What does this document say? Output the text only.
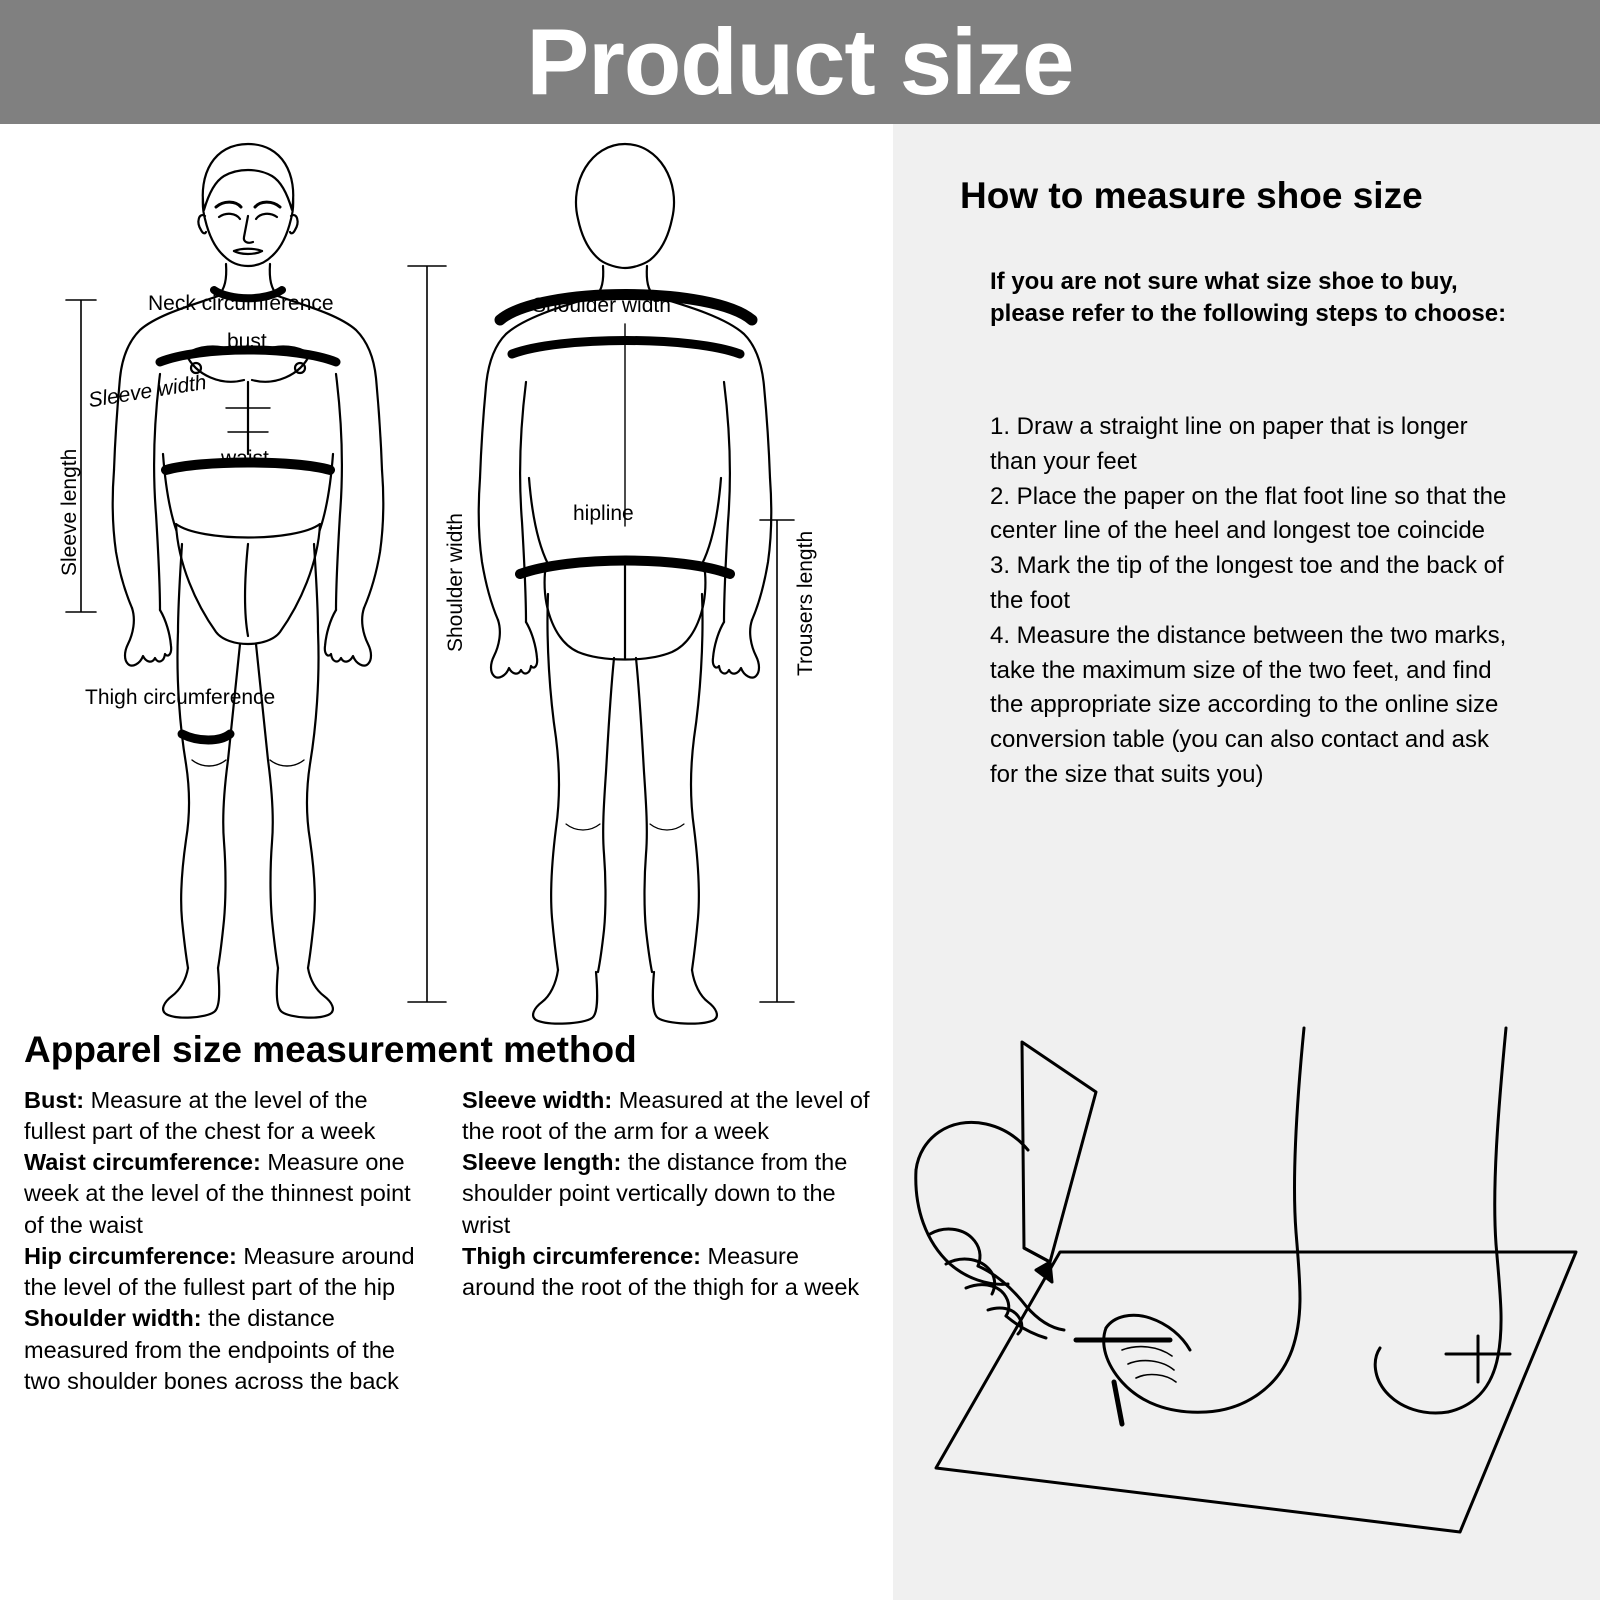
Product size
Neck circumference
bust
Sleeve width
Sleeve length	waist
Thigh circumference
Shoulder width
Shoulder width
hipline
Trousers length
Apparel size measurement method

Bust: Measure at the level of the fullest part of the chest for a week

Waist circumference: Measure one week at the level of the thinnest point of the waist

Hip circumference: Measure around the level of the fullest part of the hip

Shoulder width: the distance measured from the endpoints of the two shoulder bones across the back

Sleeve width: Measured at the level of the root of the arm for a week

Sleeve length: the distance from the shoulder point vertically down to the wrist

Thigh circumference: Measure around the root of the thigh for a week

How to measure shoe size
If you are not sure what size shoe to buy, please refer to the following steps to choose:

1. Draw a straight line on paper that is longer than your feet

2. Place the paper on the flat foot line so that the center line of the heel and longest toe coincide

3. Mark the tip of the longest toe and the back of the foot

4. Measure the distance between the two marks, take the maximum size of the two feet, and find the appropriate size according to the online size conversion table (you can also contact and ask for the size that suits you)
